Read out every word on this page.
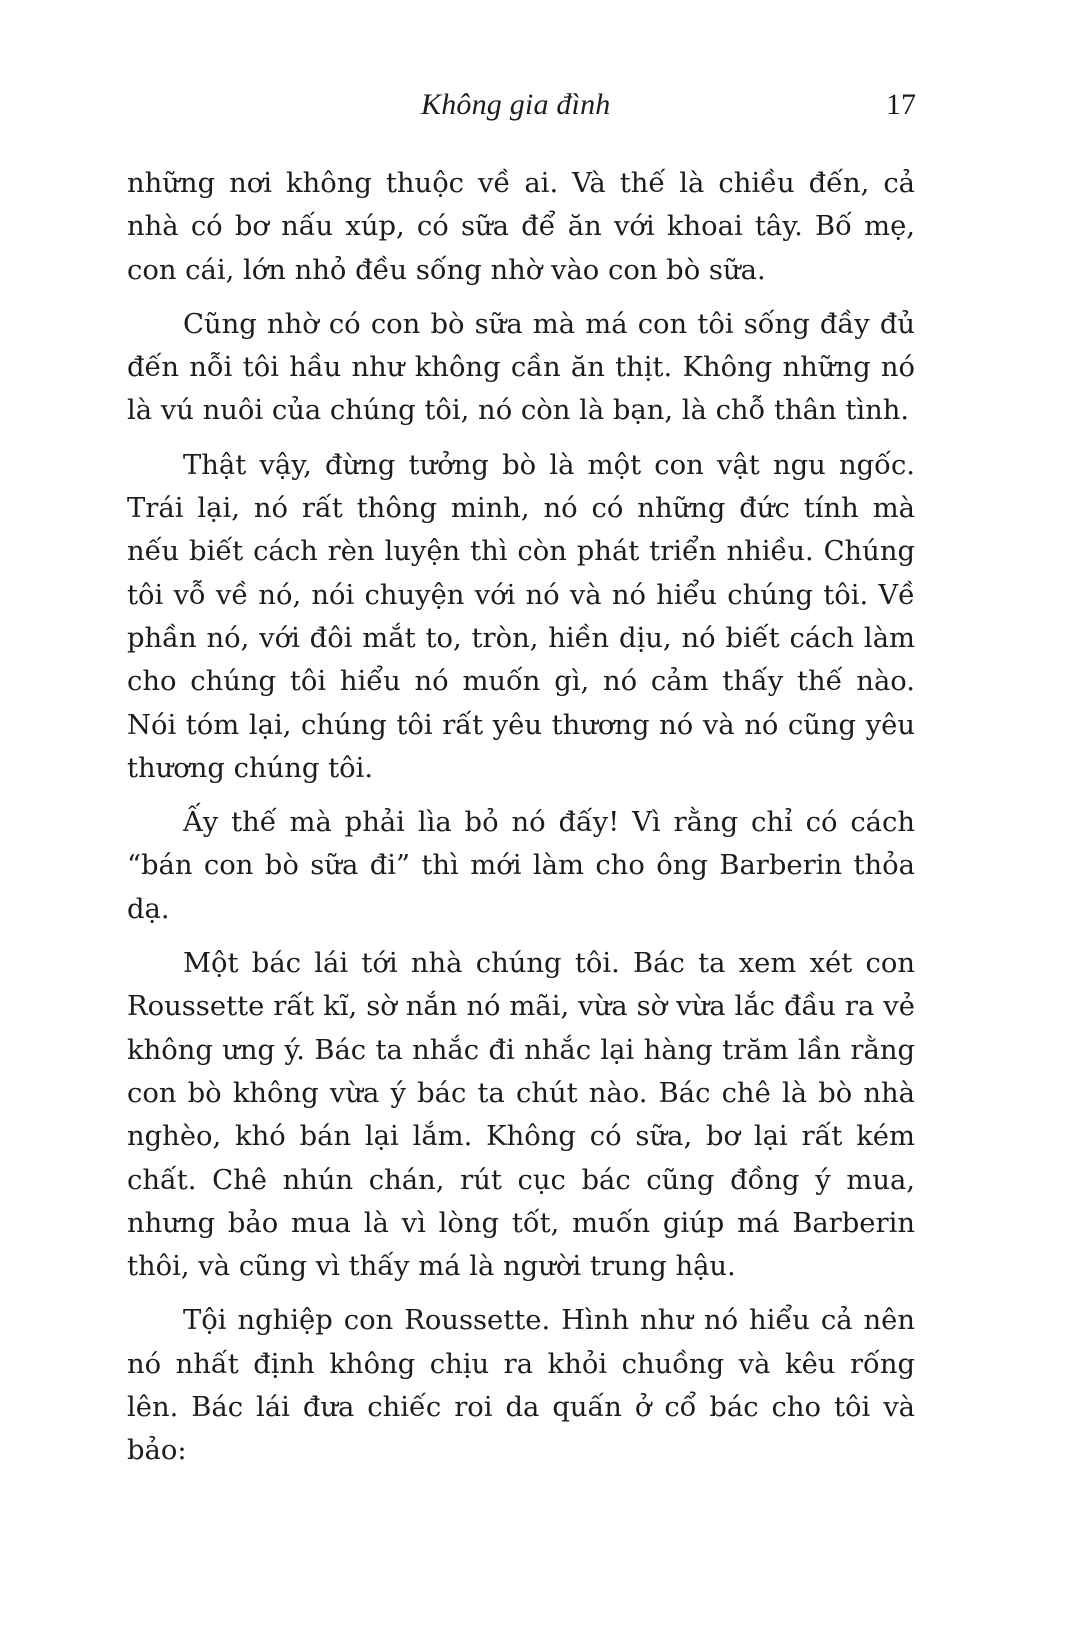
Không gia đình	17

những nơi không thuộc về ai. Và thế là chiều đến, cả nhà có bơ nấu xúp, có sữa để ăn với khoai tây. Bố mẹ, con cái, lớn nhỏ đều sống nhờ vào con bò sữa.

Cũng nhờ có con bò sữa mà má con tôi sống đầy đủ đến nỗi tôi hầu như không cần ăn thịt. Không những nó là vú nuôi của chúng tôi, nó còn là bạn, là chỗ thân tình.

Thật vậy, đừng tưởng bò là một con vật ngu ngốc. Trái lại, nó rất thông minh, nó có những đức tính mà nếu biết cách rèn luyện thì còn phát triển nhiều. Chúng tôi vỗ về nó, nói chuyện với nó và nó hiểu chúng tôi. Về phần nó, với đôi mắt to, tròn, hiền dịu, nó biết cách làm cho chúng tôi hiểu nó muốn gì, nó cảm thấy thế nào. Nói tóm lại, chúng tôi rất yêu thương nó và nó cũng yêu thương chúng tôi.

Ấy thế mà phải lìa bỏ nó đấy! Vì rằng chỉ có cách “bán con bò sữa đi” thì mới làm cho ông Barberin thỏa dạ.

Một bác lái tới nhà chúng tôi. Bác ta xem xét con Roussette rất kĩ, sờ nắn nó mãi, vừa sờ vừa lắc đầu ra vẻ không ưng ý. Bác ta nhắc đi nhắc lại hàng trăm lần rằng con bò không vừa ý bác ta chút nào. Bác chê là bò nhà nghèo, khó bán lại lắm. Không có sữa, bơ lại rất kém chất. Chê nhún chán, rút cục bác cũng đồng ý mua, nhưng bảo mua là vì lòng tốt, muốn giúp má Barberin thôi, và cũng vì thấy má là người trung hậu.

Tội nghiệp con Roussette. Hình như nó hiểu cả nên nó nhất định không chịu ra khỏi chuồng và kêu rống lên. Bác lái đưa chiếc roi da quấn ở cổ bác cho tôi và bảo:
